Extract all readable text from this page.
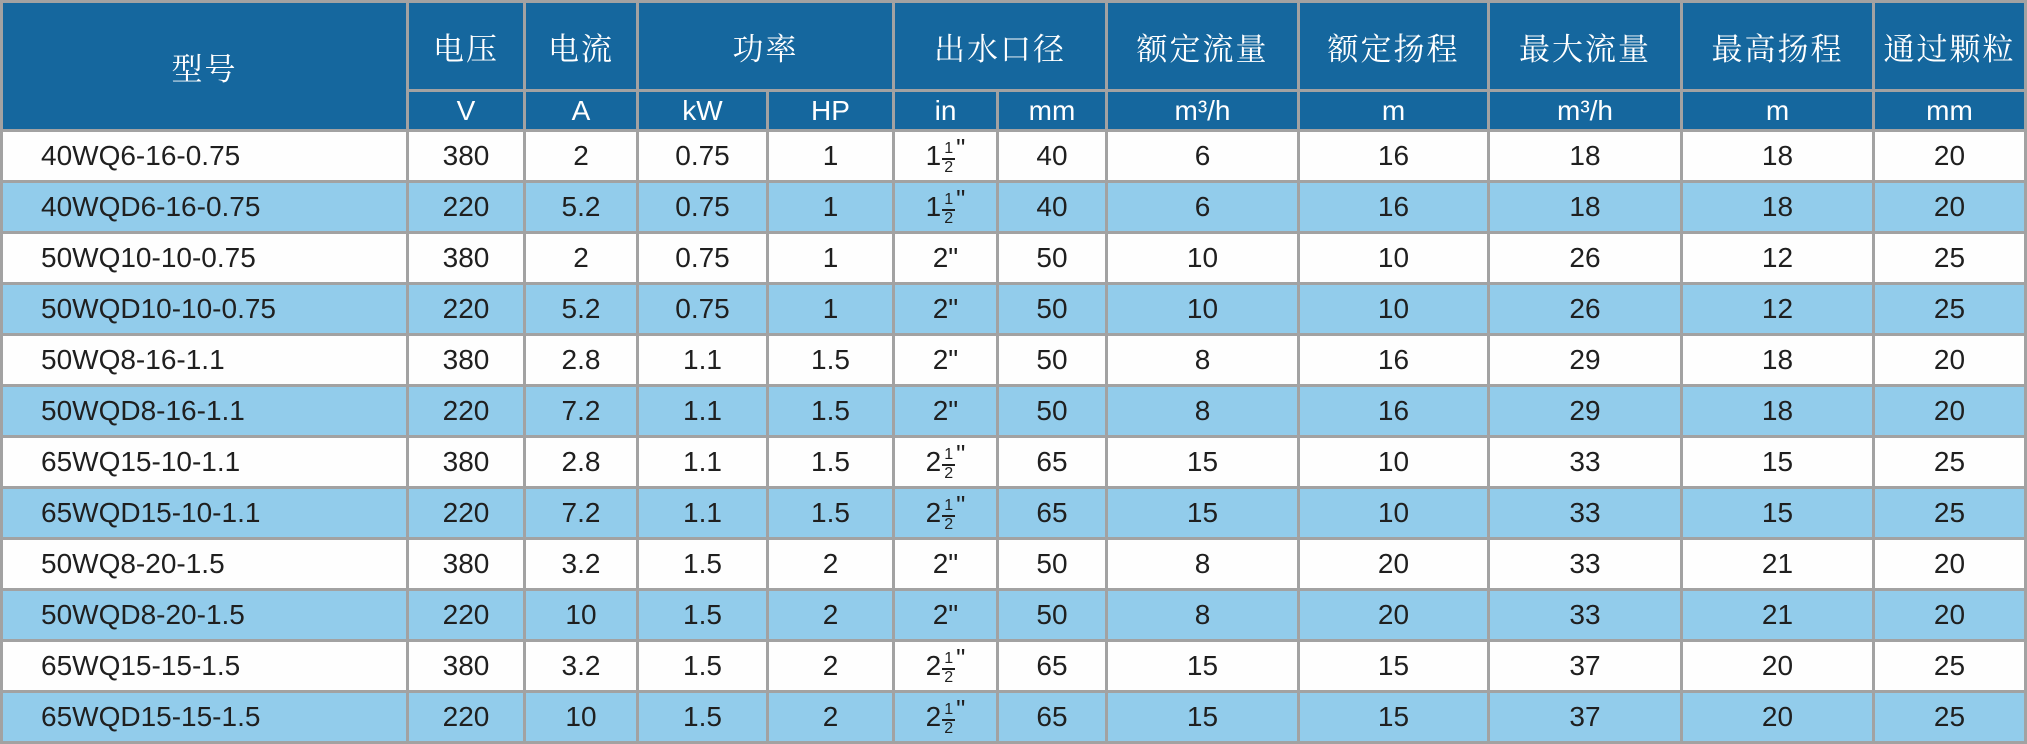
型号	电压	电流	功率		出水口径		额定流量	额定扬程	最大流量	最高扬程	通过颗粒
	V	A	kW	HP	in	mm	m³/h	m	m³/h	m	mm
40WQ6-16-0.75	380	2	0.75	1	$1 \frac{1}{2}$ "	40	6	16	18	18	20
40WQD6-16-0.75	220	5.2	0.75	1	$1 \frac{1}{2}$ "	40	6	16	18	18	20
50WQ10-10-0.75	380	2	0.75	1	2"	50	10	10	26	12	25
50WQD10-10-0.75	220	5.2	0.75	1	2"	50	10	10	26	12	25
50WQ8-16-1.1	380	2.8	1.1	1.5	2"	50	8	16	29	18	20
50WQD8-16-1.1	220	7.2	1.1	1.5	2"	50	8	16	29	18	20
65WQ15-10-1.1	380	2.8	1.1	1.5	$2 \frac{1}{2}$ "	65	15	10	33	15	25
65WQD15-10-1.1	220	7.2	1.1	1.5	$2 \frac{1}{2}$ "	65	15	10	33	15	25
50WQ8-20-1.5	380	3.2	1.5	2	2"	50	8	20	33	21	20
50WQD8-20-1.5	220	10	1.5	2	2"	50	8	20	33	21	20
65WQ15-15-1.5	380	3.2	1.5	2	$2 \frac{1}{2}$ "	65	15	15	37	20	25
65WQD15-15-1.5	220	10	1.5	2	$2 \frac{1}{2}$ "	65	15	15	37	20	25
